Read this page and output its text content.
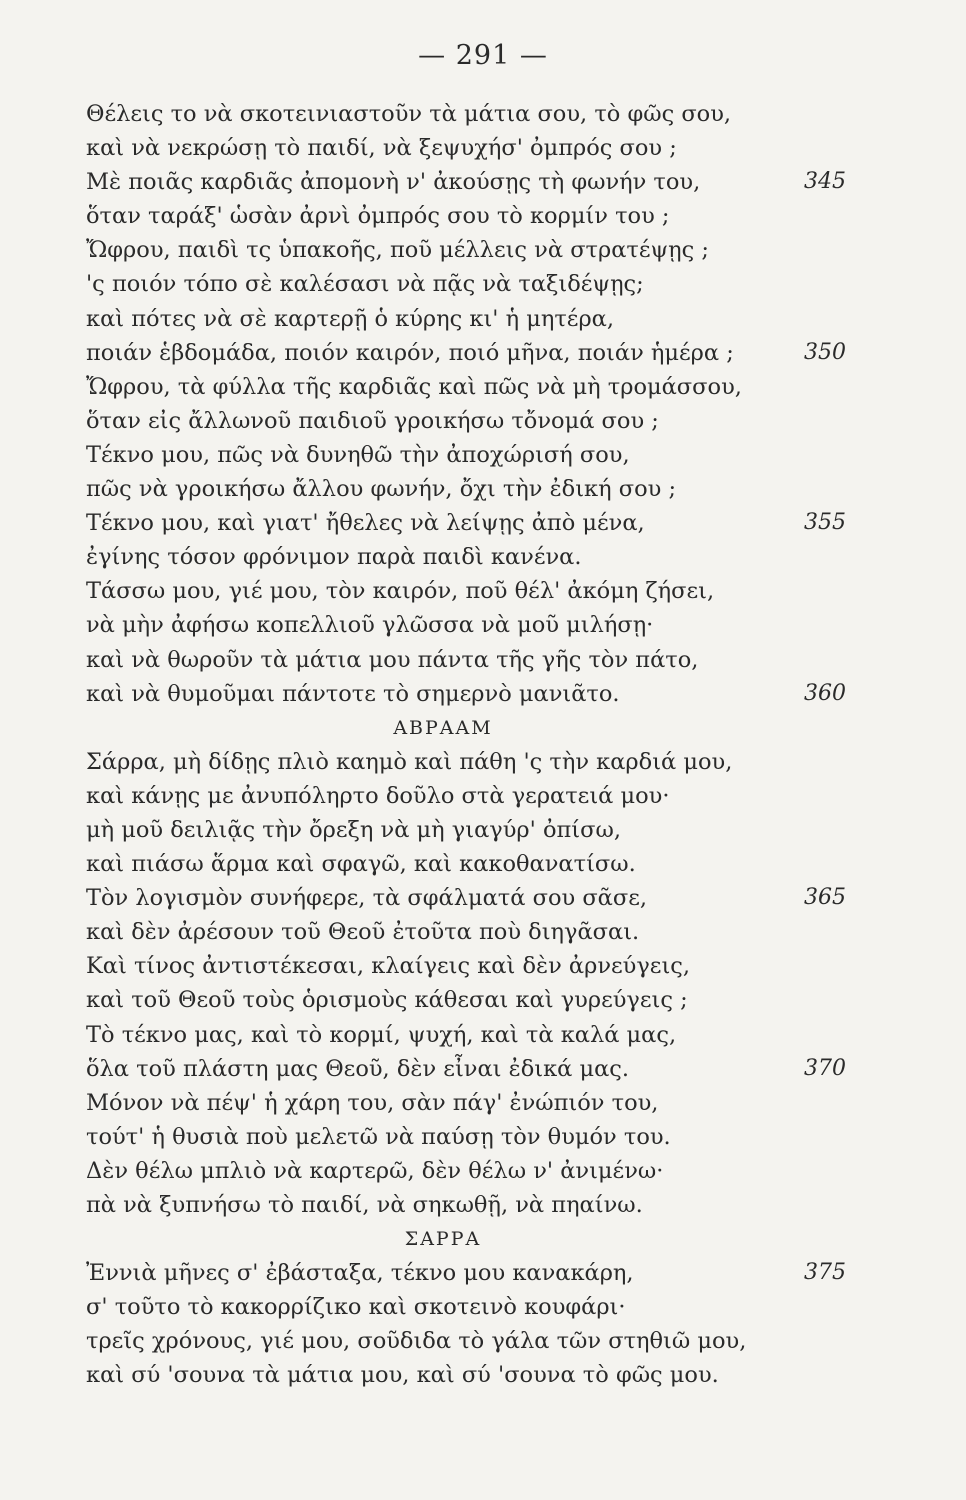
— 291 —
Θέλεις το νὰ σκοτεινιαστοῦν τὰ μάτια σου, τὸ φῶς σου,
καὶ νὰ νεκρώσῃ τὸ παιδί, νὰ ξεψυχήσ' ὀμπρός σου ;
Μὲ ποιᾶς καρδιᾶς ἀπομονὴ ν' ἀκούσῃς τὴ φωνήν του,	345
ὅταν ταράξ' ὡσὰν ἀρνὶ ὀμπρός σου τὸ κορμίν του ;
Ὤφρου, παιδὶ τς ὑπακοῆς, ποῦ μέλλεις νὰ στρατέψῃς ;
'ς ποιόν τόπο σὲ καλέσασι νὰ πᾷς νὰ ταξιδέψῃς;
καὶ πότες νὰ σὲ καρτερῇ ὁ κύρης κι' ἡ μητέρα,
ποιάν ἑβδομάδα, ποιόν καιρόν, ποιό μῆνα, ποιάν ἡμέρα ;	350
Ὤφρου, τὰ φύλλα τῆς καρδιᾶς καὶ πῶς νὰ μὴ τρομάσσου,
ὅταν εἰς ἄλλωνοῦ παιδιοῦ γροικήσω τὄνομά σου ;
Τέκνο μου, πῶς νὰ δυνηθῶ τὴν ἀποχώρισή σου,
πῶς νὰ γροικήσω ἄλλου φωνήν, ὄχι τὴν ἐδική σου ;
Τέκνο μου, καὶ γιατ' ἤθελες νὰ λείψῃς ἀπὸ μένα,	355
ἐγίνης τόσον φρόνιμον παρὰ παιδὶ κανένα.
Τάσσω μου, γιέ μου, τὸν καιρόν, ποῦ θέλ' ἀκόμη ζήσει,
νὰ μὴν ἀφήσω κοπελλιοῦ γλῶσσα νὰ μοῦ μιλήσῃ·
καὶ νὰ θωροῦν τὰ μάτια μου πάντα τῆς γῆς τὸν πάτο,
καὶ νὰ θυμοῦμαι πάντοτε τὸ σημερνὸ μανιᾶτο.	360
ΑΒΡΑΑΜ
Σάρρα, μὴ δίδῃς πλιὸ καημὸ καὶ πάθη 'ς τὴν καρδιά μου,
καὶ κάνῃς με ἀνυπόληρτο δοῦλο στὰ γερατειά μου·
μὴ μοῦ δειλιᾷς τὴν ὄρεξη νὰ μὴ γιαγύρ' ὀπίσω,
καὶ πιάσω ἅρμα καὶ σφαγῶ, καὶ κακοθανατίσω.
Τὸν λογισμὸν συνήφερε, τὰ σφάλματά σου σᾶσε,	365
καὶ δὲν ἀρέσουν τοῦ Θεοῦ ἐτοῦτα ποὺ διηγᾶσαι.
Καὶ τίνος ἀντιστέκεσαι, κλαίγεις καὶ δὲν ἀρνεύγεις,
καὶ τοῦ Θεοῦ τοὺς ὁρισμοὺς κάθεσαι καὶ γυρεύγεις ;
Τὸ τέκνο μας, καὶ τὸ κορμί, ψυχή, καὶ τὰ καλά μας,
ὅλα τοῦ πλάστη μας Θεοῦ, δὲν εἶναι ἐδικά μας.	370
Μόνον νὰ πέψ' ἡ χάρη του, σὰν πάγ' ἐνώπιόν του,
τούτ' ἡ θυσιὰ ποὺ μελετῶ νὰ παύσῃ τὸν θυμόν του.
Δὲν θέλω μπλιὸ νὰ καρτερῶ, δὲν θέλω ν' ἀνιμένω·
πὰ νὰ ξυπνήσω τὸ παιδί, νὰ σηκωθῇ, νὰ πηαίνω.
ΣΑΡΡΑ
Ἐννιὰ μῆνες σ' ἐβάσταξα, τέκνο μου κανακάρη,	375
σ' τοῦτο τὸ κακορρίζικο καὶ σκοτεινὸ κουφάρι·
τρεῖς χρόνους, γιέ μου, σοῦδιδα τὸ γάλα τῶν στηθιῶ μου,
καὶ σύ 'σουνα τὰ μάτια μου, καὶ σύ 'σουνα τὸ φῶς μου.
